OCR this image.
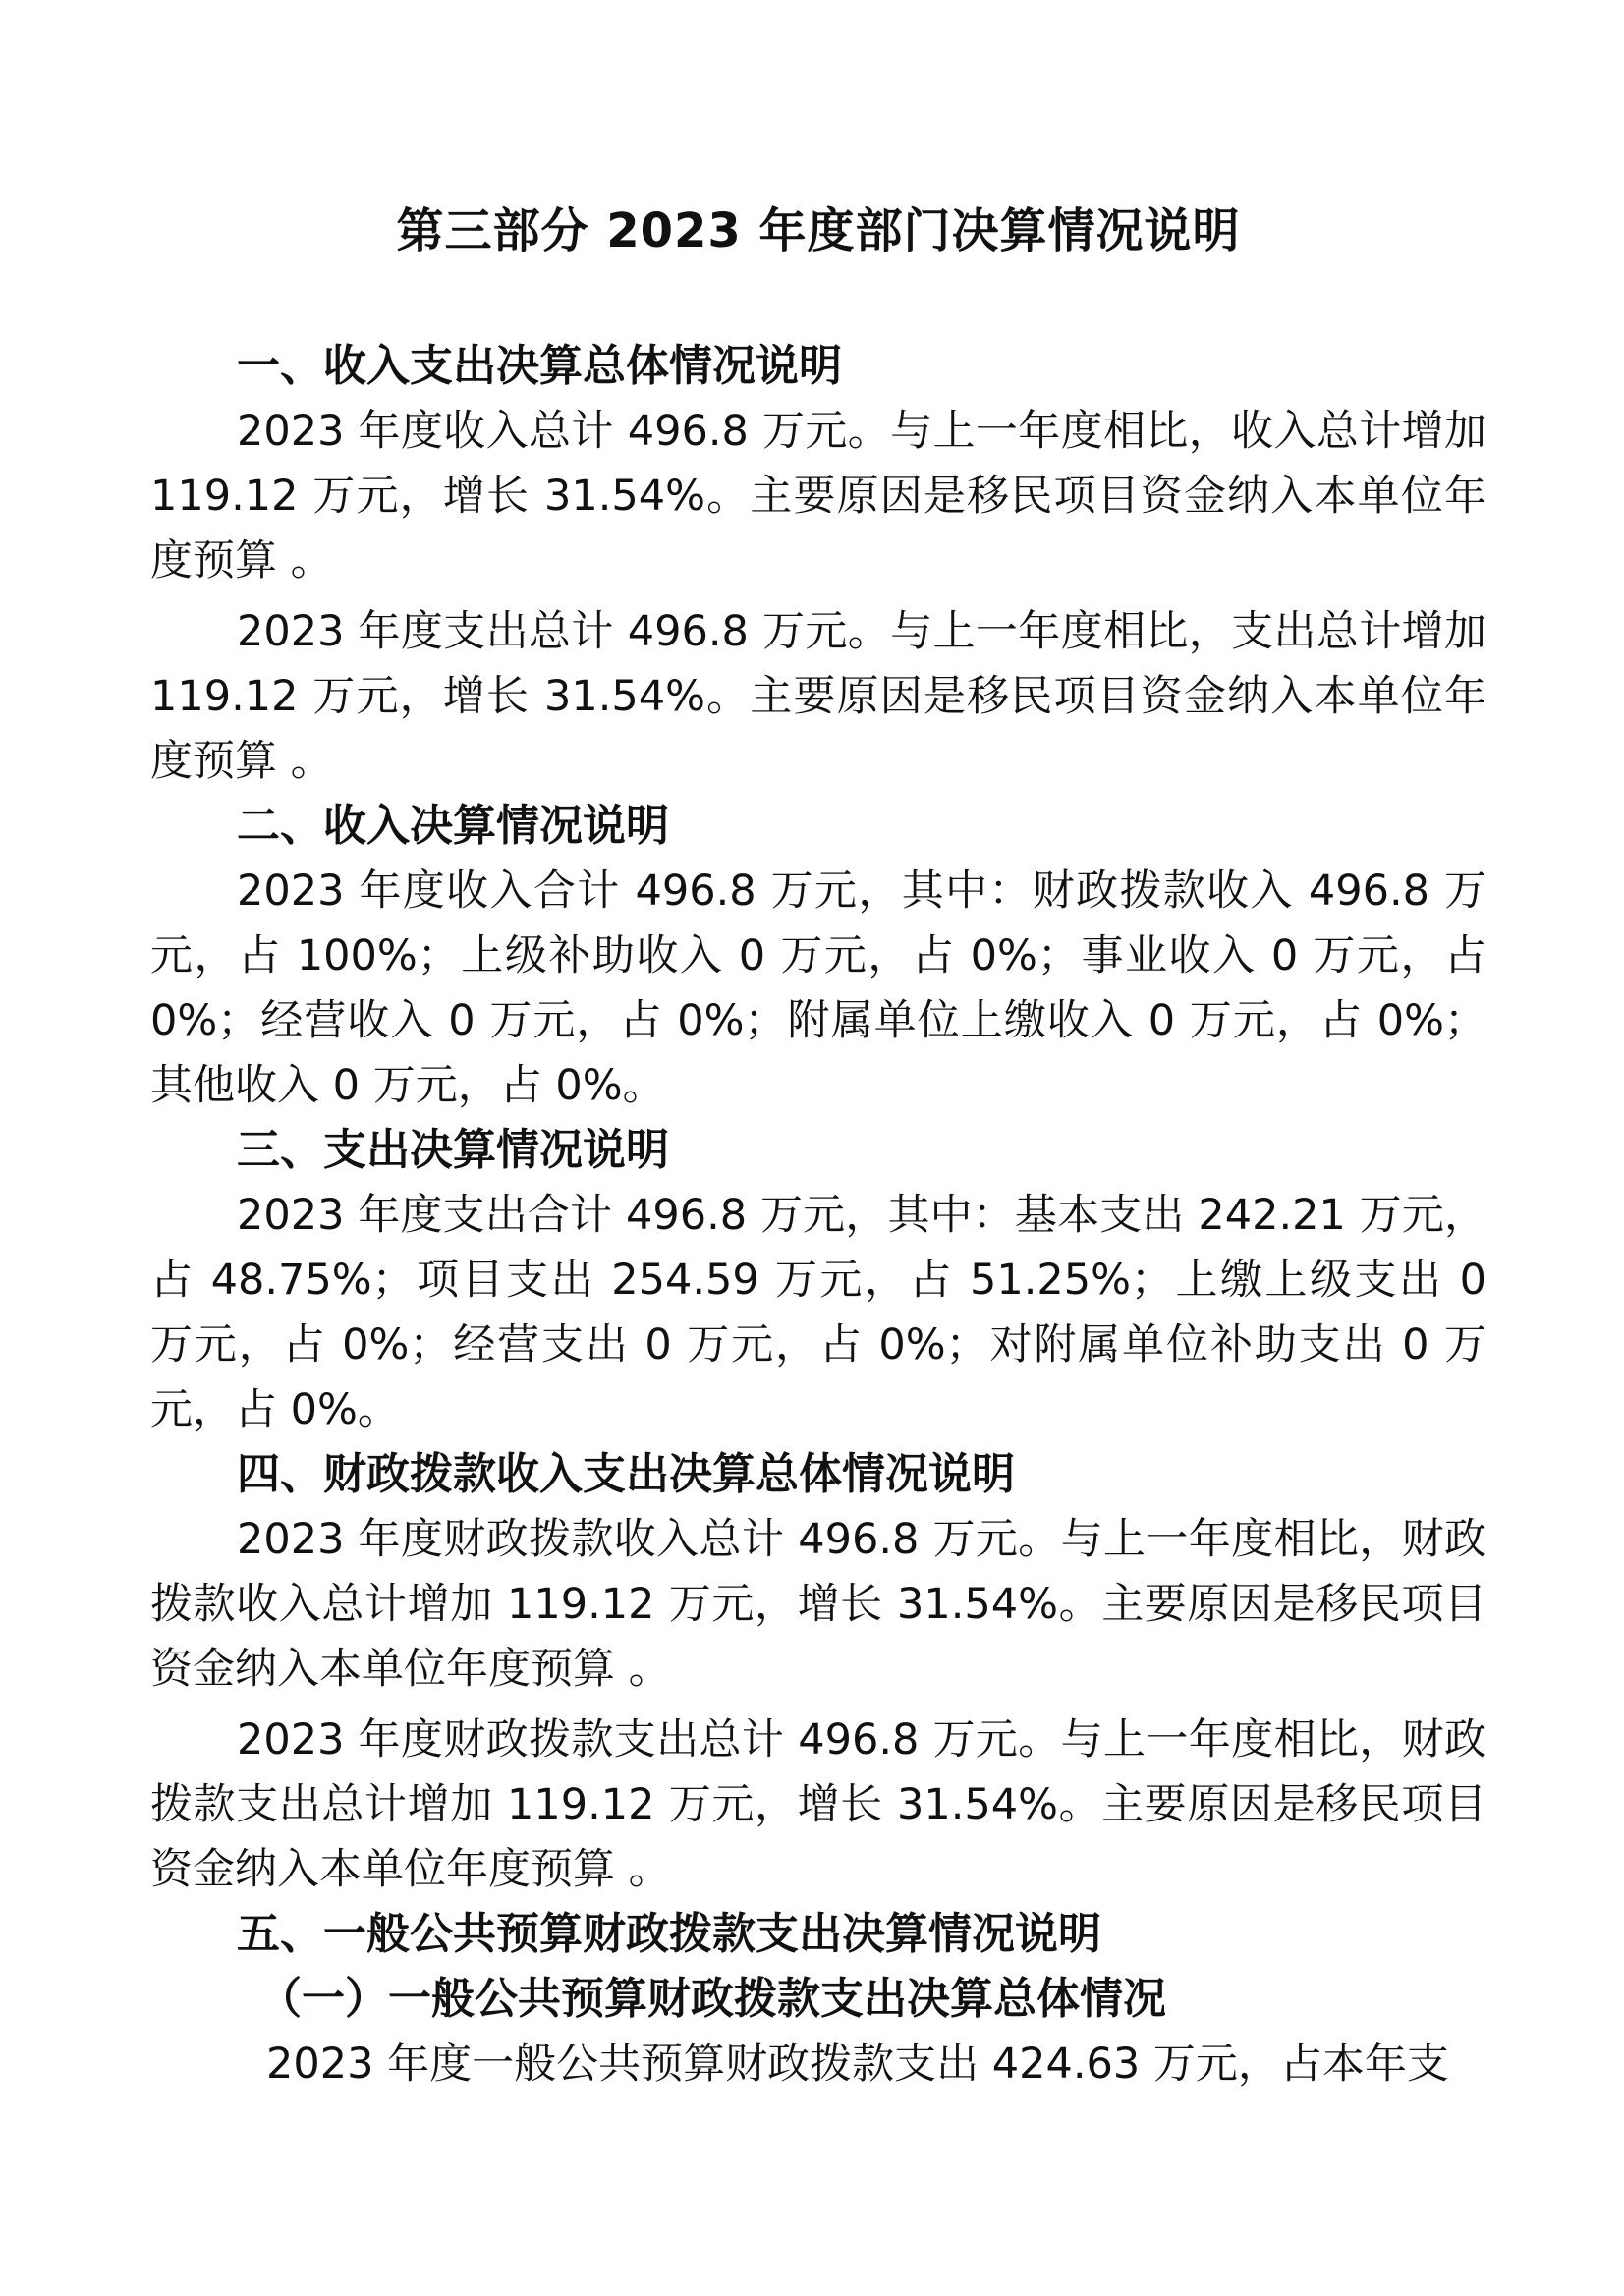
第三部分 2023 年度部门决算情况说明
一、收入支出决算总体情况说明

2023 年度收入总计 496.8 万元。与上一年度相比，收入总计增加 119.12 万元，增长 31.54%。主要原因是移民项目资金纳入本单位年度预算 。

2023 年度支出总计 496.8 万元。与上一年度相比，支出总计增加 119.12 万元，增长 31.54%。主要原因是移民项目资金纳入本单位年度预算 。

二、收入决算情况说明

2023 年度收入合计 496.8 万元，其中：财政拨款收入 496.8 万元，占 100%；上级补助收入 0 万元，占 0%；事业收入 0 万元，占 0%；经营收入 0 万元，占 0%；附属单位上缴收入 0 万元，占 0%；其他收入 0 万元，占 0%。

三、支出决算情况说明

2023 年度支出合计 496.8 万元，其中：基本支出 242.21 万元，占 48.75%；项目支出 254.59 万元，占 51.25%；上缴上级支出 0 万元，占 0%；经营支出 0 万元，占 0%；对附属单位补助支出 0 万元，占 0%。

四、财政拨款收入支出决算总体情况说明

2023 年度财政拨款收入总计 496.8 万元。与上一年度相比，财政拨款收入总计增加 119.12 万元，增长 31.54%。主要原因是移民项目资金纳入本单位年度预算 。

2023 年度财政拨款支出总计 496.8 万元。与上一年度相比，财政拨款支出总计增加 119.12 万元，增长 31.54%。主要原因是移民项目资金纳入本单位年度预算 。

五、一般公共预算财政拨款支出决算情况说明
（一）一般公共预算财政拨款支出决算总体情况

2023 年度一般公共预算财政拨款支出 424.63 万元，占本年支
